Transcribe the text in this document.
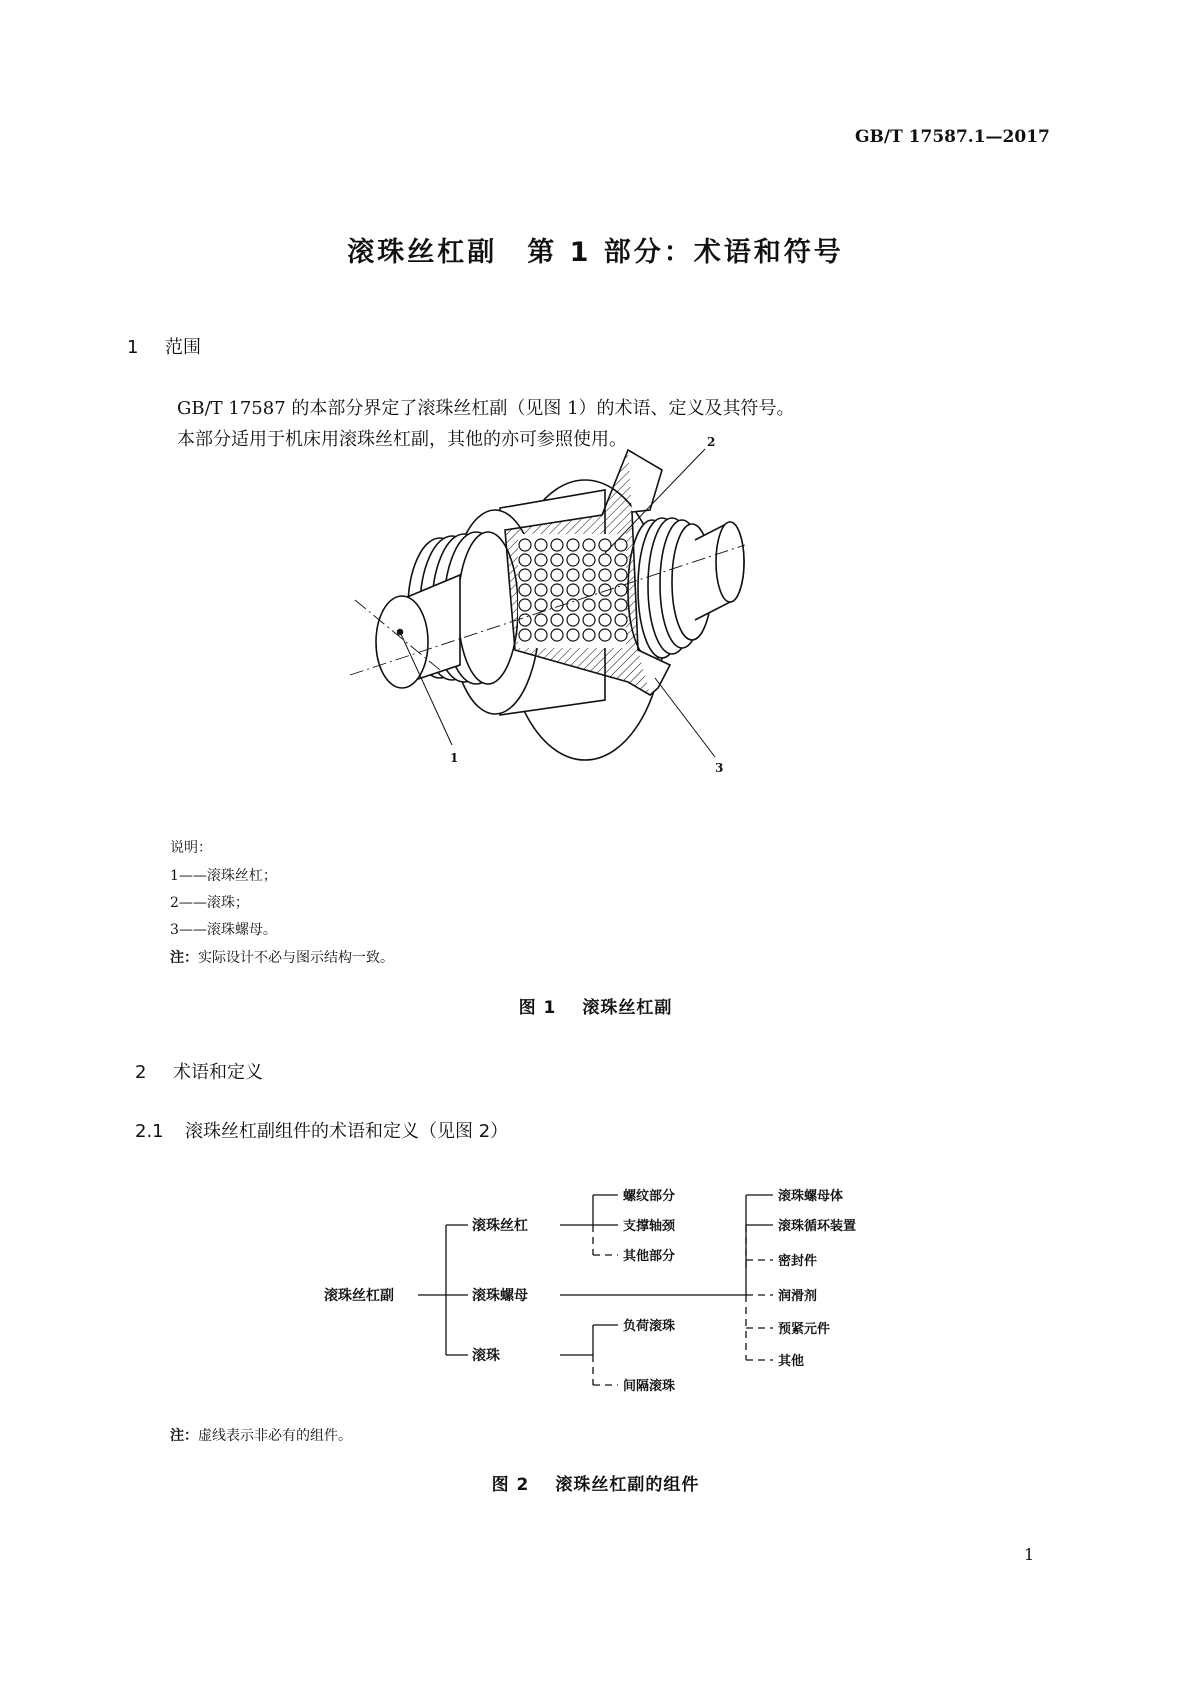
GB/T 17587.1—2017
滚珠丝杠副　第 1 部分：术语和符号
1 范围
GB/T 17587 的本部分界定了滚珠丝杠副（见图 1）的术语、定义及其符号。
本部分适用于机床用滚珠丝杠副，其他的亦可参照使用。
1
2
3
说明：
1——滚珠丝杠；
2——滚珠；
3——滚珠螺母。
注：实际设计不必与图示结构一致。
图 1 滚珠丝杠副
2 术语和定义
2.1 滚珠丝杠副组件的术语和定义（见图 2）
滚珠丝杠副
滚珠丝杠
滚珠螺母
滚珠
螺纹部分
支撑轴颈
其他部分
负荷滚珠
间隔滚珠
滚珠螺母体
滚珠循环装置
密封件
润滑剂
预紧元件
其他
注：虚线表示非必有的组件。
图 2 滚珠丝杠副的组件
1
